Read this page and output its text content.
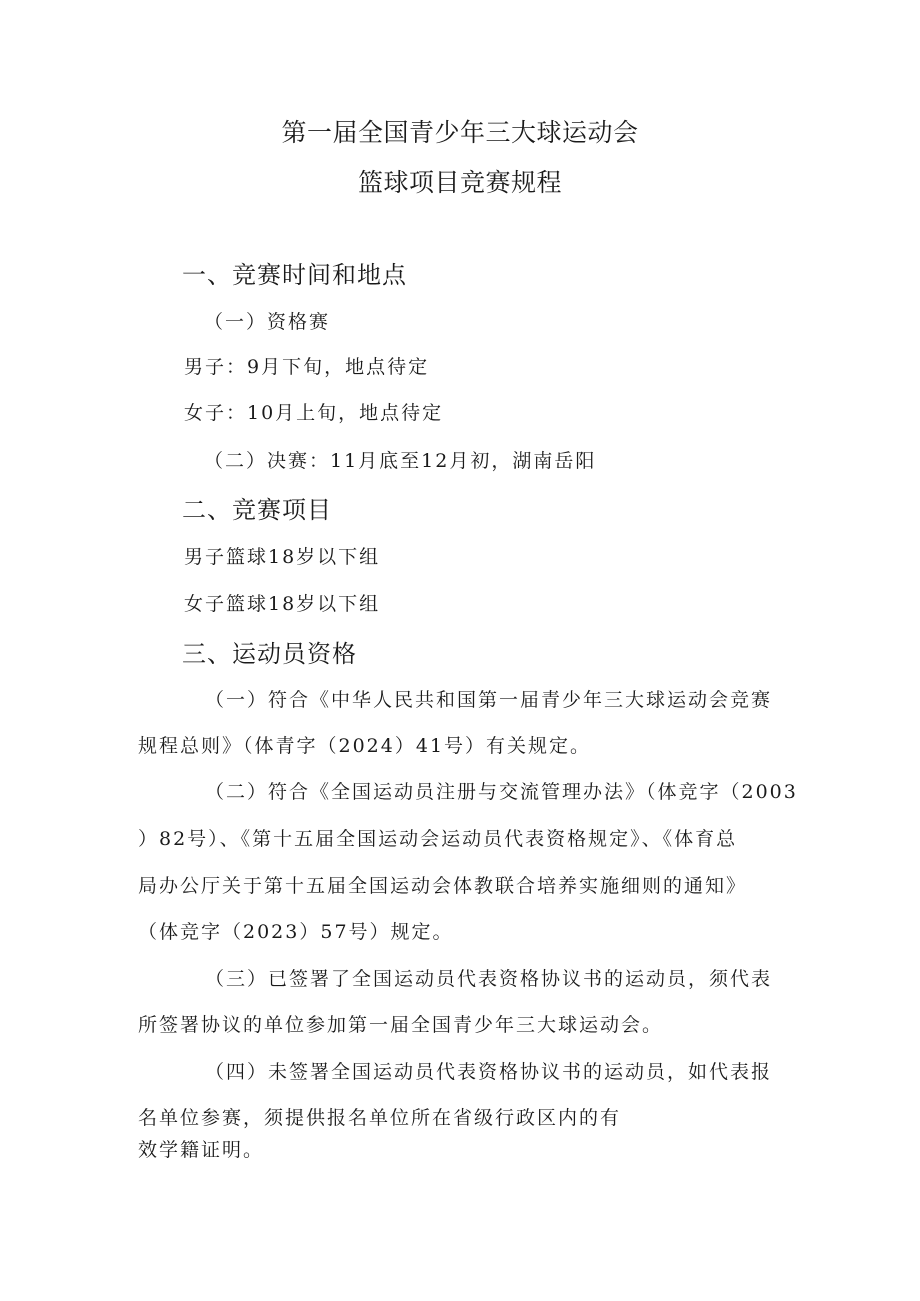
第一届全国青少年三大球运动会
篮球项目竞赛规程
一、竞赛时间和地点
（一）资格赛
男子：9月下旬，地点待定
女子：10月上旬，地点待定
（二）决赛：11月底至12月初，湖南岳阳
二、竞赛项目
男子篮球18岁以下组
女子篮球18岁以下组
三、运动员资格
（一）符合《中华人民共和国第一届青少年三大球运动会竞赛
规程总则》（体青字（2024）41号）有关规定。
（二）符合《全国运动员注册与交流管理办法》（体竞字（2003
）82号）、《第十五届全国运动会运动员代表资格规定》、《体育总
局办公厅关于第十五届全国运动会体教联合培养实施细则的通知》
（体竞字（2023）57号）规定。
（三）已签署了全国运动员代表资格协议书的运动员，须代表
所签署协议的单位参加第一届全国青少年三大球运动会。
（四）未签署全国运动员代表资格协议书的运动员，如代表报
名单位参赛，须提供报名单位所在省级行政区内的有
效学籍证明。
